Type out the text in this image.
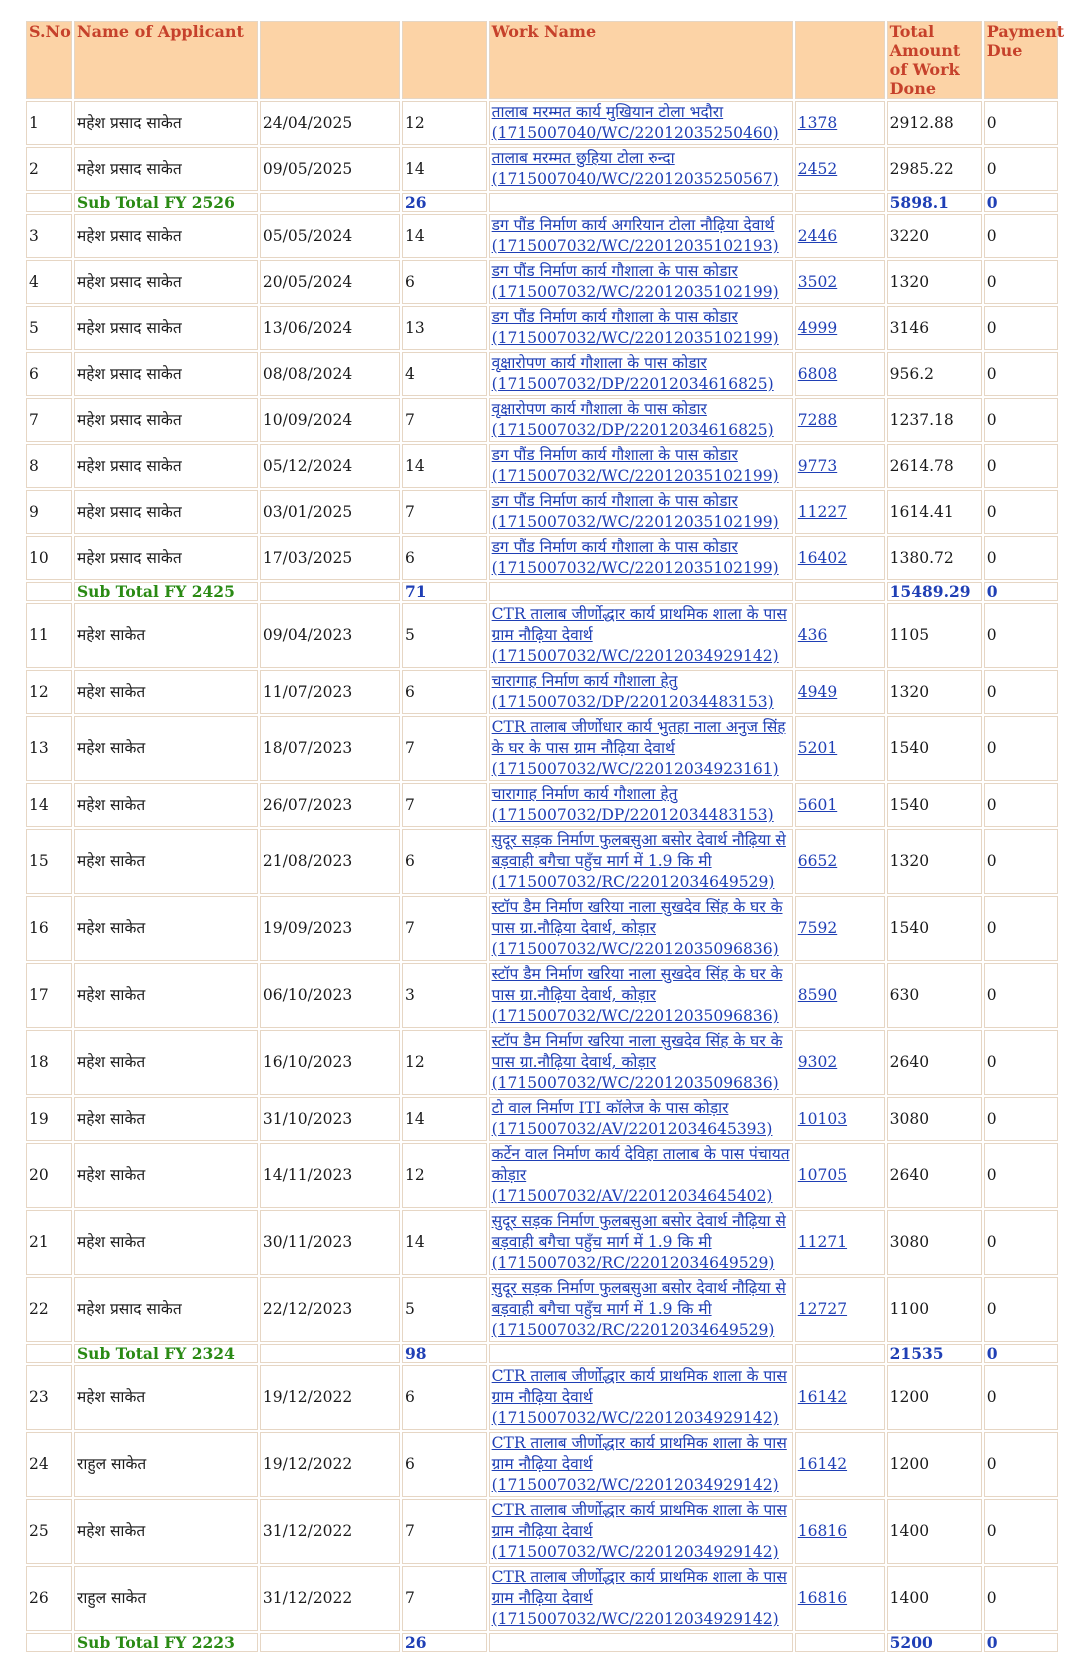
S.No	Name of Applicant			Work Name		Total Amount of Work Done	Payment Due
1	महेश प्रसाद साकेत	24/04/2025	12	तालाब मरम्मत कार्य मुखियान टोला भदौरा (1715007040/WC/22012035250460)	1378	2912.88	0
2	महेश प्रसाद साकेत	09/05/2025	14	तालाब मरम्मत छुहिया टोला रुन्दा (1715007040/WC/22012035250567)	2452	2985.22	0
	Sub Total FY 2526		26			5898.1	0
3	महेश प्रसाद साकेत	05/05/2024	14	डग पौंड निर्माण कार्य अगरियान टोला नौढ़िया देवार्थ (1715007032/WC/22012035102193)	2446	3220	0
4	महेश प्रसाद साकेत	20/05/2024	6	डग पौंड निर्माण कार्य गौशाला के पास कोडार (1715007032/WC/22012035102199)	3502	1320	0
5	महेश प्रसाद साकेत	13/06/2024	13	डग पौंड निर्माण कार्य गौशाला के पास कोडार (1715007032/WC/22012035102199)	4999	3146	0
6	महेश प्रसाद साकेत	08/08/2024	4	वृक्षारोपण कार्य गौशाला के पास कोडार (1715007032/DP/22012034616825)	6808	956.2	0
7	महेश प्रसाद साकेत	10/09/2024	7	वृक्षारोपण कार्य गौशाला के पास कोडार (1715007032/DP/22012034616825)	7288	1237.18	0
8	महेश प्रसाद साकेत	05/12/2024	14	डग पौंड निर्माण कार्य गौशाला के पास कोडार (1715007032/WC/22012035102199)	9773	2614.78	0
9	महेश प्रसाद साकेत	03/01/2025	7	डग पौंड निर्माण कार्य गौशाला के पास कोडार (1715007032/WC/22012035102199)	11227	1614.41	0
10	महेश प्रसाद साकेत	17/03/2025	6	डग पौंड निर्माण कार्य गौशाला के पास कोडार (1715007032/WC/22012035102199)	16402	1380.72	0
	Sub Total FY 2425		71			15489.29	0
11	महेश साकेत	09/04/2023	5	CTR तालाब जीर्णोद्धार कार्य प्राथमिक शाला के पास ग्राम नौढ़िया देवार्थ (1715007032/WC/22012034929142)	436	1105	0
12	महेश साकेत	11/07/2023	6	चारागाह निर्माण कार्य गौशाला हेतु (1715007032/DP/22012034483153)	4949	1320	0
13	महेश साकेत	18/07/2023	7	CTR तालाब जीर्णोधार कार्य भुतहा नाला अनुज सिंह के घर के पास ग्राम नौढ़िया देवार्थ (1715007032/WC/22012034923161)	5201	1540	0
14	महेश साकेत	26/07/2023	7	चारागाह निर्माण कार्य गौशाला हेतु (1715007032/DP/22012034483153)	5601	1540	0
15	महेश साकेत	21/08/2023	6	सुदूर सड़क निर्माण फुलबसुआ बसोर देवार्थ नौढ़िया से बड़वाही बगैचा पहुँच मार्ग में 1.9 कि मी (1715007032/RC/22012034649529)	6652	1320	0
16	महेश साकेत	19/09/2023	7	स्टॉप डैम निर्माण खरिया नाला सुखदेव सिंह के घर के पास ग्रा.नौढ़िया देवार्थ, कोड़ार (1715007032/WC/22012035096836)	7592	1540	0
17	महेश साकेत	06/10/2023	3	स्टॉप डैम निर्माण खरिया नाला सुखदेव सिंह के घर के पास ग्रा.नौढ़िया देवार्थ, कोड़ार (1715007032/WC/22012035096836)	8590	630	0
18	महेश साकेत	16/10/2023	12	स्टॉप डैम निर्माण खरिया नाला सुखदेव सिंह के घर के पास ग्रा.नौढ़िया देवार्थ, कोड़ार (1715007032/WC/22012035096836)	9302	2640	0
19	महेश साकेत	31/10/2023	14	टो वाल निर्माण ITI कॉलेज के पास कोड़ार (1715007032/AV/22012034645393)	10103	3080	0
20	महेश साकेत	14/11/2023	12	कर्टेन वाल निर्माण कार्य देविहा तालाब के पास पंचायत कोड़ार (1715007032/AV/22012034645402)	10705	2640	0
21	महेश साकेत	30/11/2023	14	सुदूर सड़क निर्माण फुलबसुआ बसोर देवार्थ नौढ़िया से बड़वाही बगैचा पहुँच मार्ग में 1.9 कि मी (1715007032/RC/22012034649529)	11271	3080	0
22	महेश प्रसाद साकेत	22/12/2023	5	सुदूर सड़क निर्माण फुलबसुआ बसोर देवार्थ नौढ़िया से बड़वाही बगैचा पहुँच मार्ग में 1.9 कि मी (1715007032/RC/22012034649529)	12727	1100	0
	Sub Total FY 2324		98			21535	0
23	महेश साकेत	19/12/2022	6	CTR तालाब जीर्णोद्धार कार्य प्राथमिक शाला के पास ग्राम नौढ़िया देवार्थ (1715007032/WC/22012034929142)	16142	1200	0
24	राहुल साकेत	19/12/2022	6	CTR तालाब जीर्णोद्धार कार्य प्राथमिक शाला के पास ग्राम नौढ़िया देवार्थ (1715007032/WC/22012034929142)	16142	1200	0
25	महेश साकेत	31/12/2022	7	CTR तालाब जीर्णोद्धार कार्य प्राथमिक शाला के पास ग्राम नौढ़िया देवार्थ (1715007032/WC/22012034929142)	16816	1400	0
26	राहुल साकेत	31/12/2022	7	CTR तालाब जीर्णोद्धार कार्य प्राथमिक शाला के पास ग्राम नौढ़िया देवार्थ (1715007032/WC/22012034929142)	16816	1400	0
	Sub Total FY 2223		26			5200	0
